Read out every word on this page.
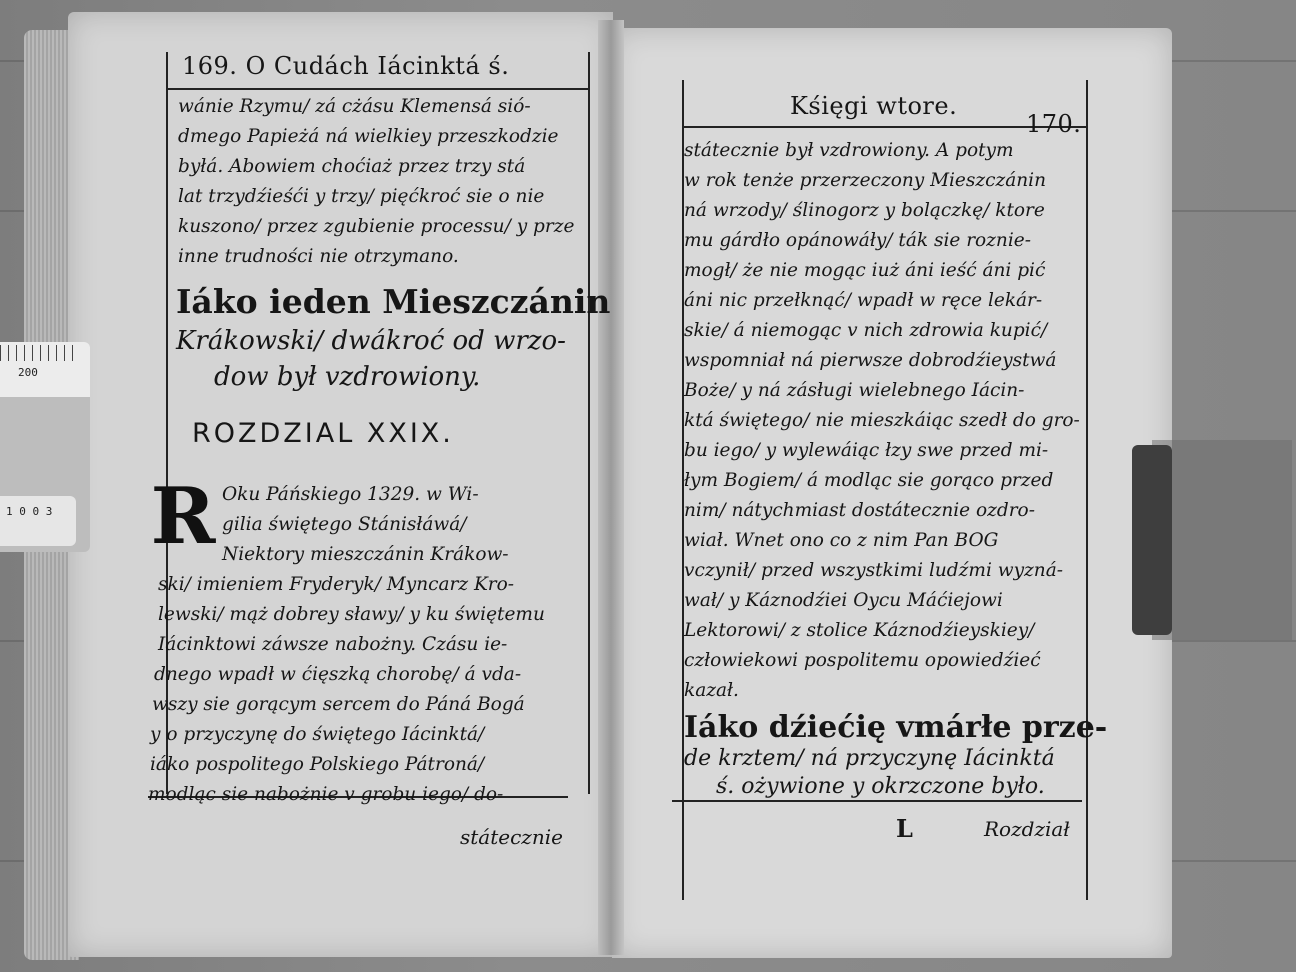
200
1 0 0 3
169. O Cudách Iácinktá ś.
wánie Rzymu/ zá cżásu Klemensá sió-
dmego Papieżá ná wielkiey przeszkodzie
byłá. Abowiem choćiaż przez trzy stá
lat trzydźieśći y trzy/ pięćkroć sie o nie
kuszono/ przez zgubienie processu/ y prze
inne trudności nie otrzymano.
Iáko ieden Mieszczánin
Krákowski/ dwákroć od wrzo-
dow był vzdrowiony.
ROZDZIAL XXIX.
R Oku Páńskiego 1329. w Wi-
gilia świętego Stánisłáwá/
Niektory mieszczánin Krákow-
ski/ imieniem Fryderyk/ Myncarz Kro-
lewski/ mąż dobrey sławy/ y ku świętemu
Iácinktowi záwsze nabożny. Czásu ie-
dnego wpadł w ćięszką chorobę/ á vda-
wszy sie gorącym sercem do Páná Bogá
y o przyczynę do świętego Iácinktá/
iáko pospolitego Polskiego Pátroná/
modląc sie nabożnie v grobu iego/ do-
státecznie
Kśięgi wtore.
170.
státecznie był vzdrowiony. A potym
w rok tenże przerzeczony Mieszczánin
ná wrzody/ ślinogorz y bolączkę/ ktore
mu gárdło opánowáły/ ták sie roznie-
mogł/ że nie mogąc iuż áni ieść áni pić
áni nic przełknąć/ wpadł w ręce lekár-
skie/ á niemogąc v nich zdrowia kupić/
wspomniał ná pierwsze dobrodźieystwá
Boże/ y ná zásługi wielebnego Iácin-
ktá świętego/ nie mieszkáiąc szedł do gro-
bu iego/ y wylewáiąc łzy swe przed mi-
łym Bogiem/ á modląc sie gorąco przed
nim/ nátychmiast dostátecznie ozdro-
wiał. Wnet ono co z nim Pan BOG
vczynił/ przed wszystkimi ludźmi wyzná-
wał/ y Káznodźiei Oycu Máćiejowi
Lektorowi/ z stolice Káznodźieyskiey/
człowiekowi pospolitemu opowiedźieć
kazał.
Iáko dźiećię vmárłe prze-
de krztem/ ná przyczynę Iácinktá
ś. ożywione y okrzczone było.
L	Rozdział
